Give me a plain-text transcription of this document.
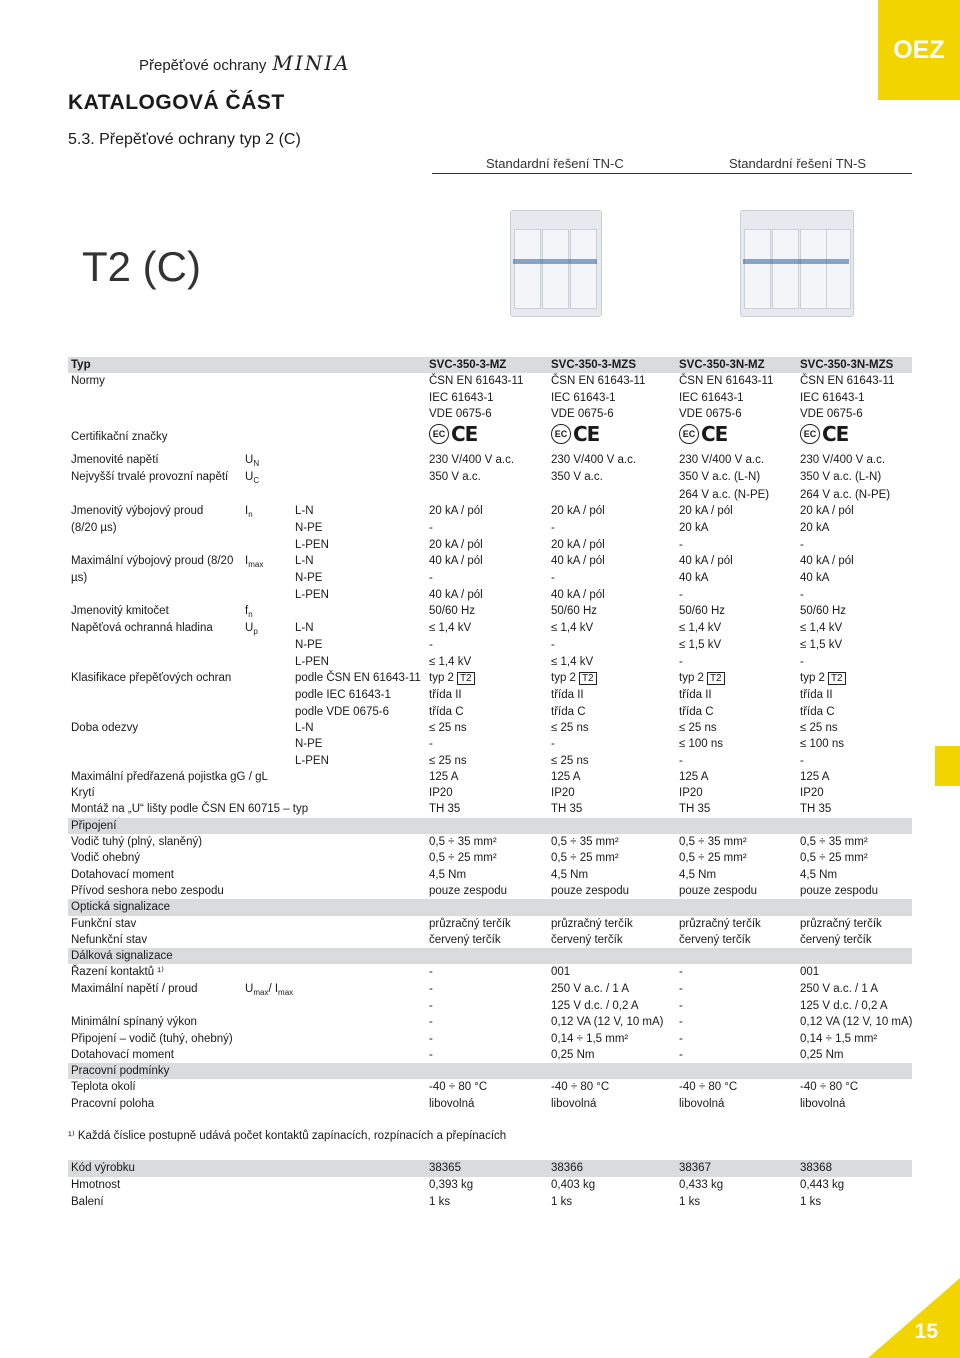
Přepěťové ochrany MINIA	OEZ
KATALOGOVÁ ČÁST
5.3. Přepěťové ochrany typ 2 (C)
Standardní řešení TN-C	Standardní řešení TN-S
T2 (C)
Typ			SVC-350-3-MZ	SVC-350-3-MZS	SVC-350-3N-MZ	SVC-350-3N-MZS
Normy			ČSN EN 61643-11	ČSN EN 61643-11	ČSN EN 61643-11	ČSN EN 61643-11
			IEC 61643-1	IEC 61643-1	IEC 61643-1	IEC 61643-1
			VDE 0675-6	VDE 0675-6	VDE 0675-6	VDE 0675-6
Certifikační značky			EC CE	EC CE	EC CE	EC CE

Jmenovité napětí	$U_N$		230 V/400 V a.c.	230 V/400 V a.c.	230 V/400 V a.c.	230 V/400 V a.c.
Nejvyšší trvalé provozní napětí	$U_C$		350 V a.c.	350 V a.c.	350 V a.c. (L-N)	350 V a.c. (L-N)
					264 V a.c. (N-PE)	264 V a.c. (N-PE)
Jmenovitý výbojový proud	$I_n$	L-N	20 kA / pól	20 kA / pól	20 kA / pól	20 kA / pól
(8/20 µs)		N-PE	-	-	20 kA	20 kA
		L-PEN	20 kA / pól	20 kA / pól	-	-
Maximální výbojový proud (8/20	$I_{max}$	L-N	40 kA / pól	40 kA / pól	40 kA / pól	40 kA / pól
µs)		N-PE	-	-	40 kA	40 kA
		L-PEN	40 kA / pól	40 kA / pól	-	-
Jmenovitý kmitočet	$f_n$		50/60 Hz	50/60 Hz	50/60 Hz	50/60 Hz
Napěťová ochranná hladina	$U_p$	L-N	≤ 1,4 kV	≤ 1,4 kV	≤ 1,4 kV	≤ 1,4 kV
		N-PE	-	-	≤ 1,5 kV	≤ 1,5 kV
		L-PEN	≤ 1,4 kV	≤ 1,4 kV	-	-
Klasifikace přepěťových ochran		podle ČSN EN 61643-11	typ 2 T2	typ 2 T2	typ 2 T2	typ 2 T2
		podle IEC 61643-1	třída II	třída II	třída II	třída II
		podle VDE 0675-6	třída C	třída C	třída C	třída C
Doba odezvy		L-N	≤ 25 ns	≤ 25 ns	≤ 25 ns	≤ 25 ns
		N-PE	-	-	≤ 100 ns	≤ 100 ns
		L-PEN	≤ 25 ns	≤ 25 ns	-	-
Maximální předřazená pojistka gG / gL			125 A	125 A	125 A	125 A
Krytí			IP20	IP20	IP20	IP20
Montáž na „U“ lišty podle ČSN EN 60715 – typ			TH 35	TH 35	TH 35	TH 35
Připojení						
Vodič tuhý (plný, slaněný)			0,5 ÷ 35 mm²	0,5 ÷ 35 mm²	0,5 ÷ 35 mm²	0,5 ÷ 35 mm²
Vodič ohebný			0,5 ÷ 25 mm²	0,5 ÷ 25 mm²	0,5 ÷ 25 mm²	0,5 ÷ 25 mm²
Dotahovací moment			4,5 Nm	4,5 Nm	4,5 Nm	4,5 Nm
Přívod seshora nebo zespodu			pouze zespodu	pouze zespodu	pouze zespodu	pouze zespodu
Optická signalizace						
Funkční stav			průzračný terčík	průzračný terčík	průzračný terčík	průzračný terčík
Nefunkční stav			červený terčík	červený terčík	červený terčík	červený terčík
Dálková signalizace						
Řazení kontaktů ¹⁾			-	001	-	001
Maximální napětí / proud	$U_{max}/$ $I_{max}$		-	250 V a.c. / 1 A	-	250 V a.c. / 1 A
			-	125 V d.c. / 0,2 A	-	125 V d.c. / 0,2 A
Minimální spínaný výkon			-	0,12 VA (12 V, 10 mA)	-	0,12 VA (12 V, 10 mA)
Připojení – vodič (tuhý, ohebný)			-	0,14 ÷ 1,5 mm²	-	0,14 ÷ 1,5 mm²
Dotahovací moment			-	0,25 Nm	-	0,25 Nm
Pracovní podmínky						
Teplota okolí			-40 ÷ 80 °C	-40 ÷ 80 °C	-40 ÷ 80 °C	-40 ÷ 80 °C
Pracovní poloha			libovolná	libovolná	libovolná	libovolná
¹⁾ Každá číslice postupně udává počet kontaktů zapínacích, rozpínacích a přepínacích
Kód výrobku	38365	38366	38367	38368
Hmotnost	0,393 kg	0,403 kg	0,433 kg	0,443 kg
Balení	1 ks	1 ks	1 ks	1 ks
15
